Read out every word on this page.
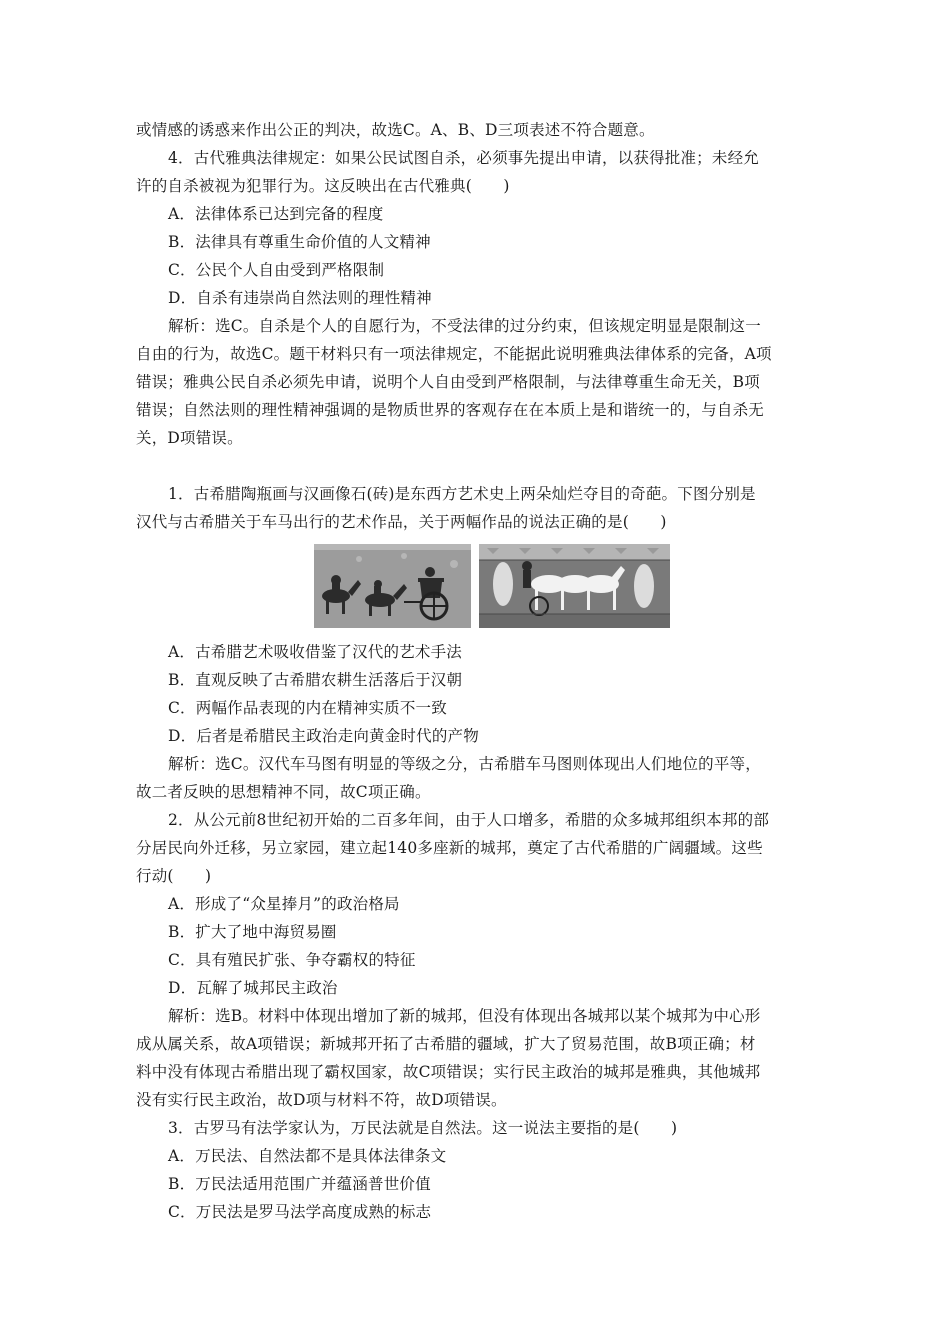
或情感的诱惑来作出公正的判决，故选C。A、B、D三项表述不符合题意。
4．古代雅典法律规定：如果公民试图自杀，必须事先提出申请，以获得批准；未经允
许的自杀被视为犯罪行为。这反映出在古代雅典(　　)
A．法律体系已达到完备的程度
B．法律具有尊重生命价值的人文精神
C．公民个人自由受到严格限制
D．自杀有违崇尚自然法则的理性精神
解析：选C。自杀是个人的自愿行为，不受法律的过分约束，但该规定明显是限制这一
自由的行为，故选C。题干材料只有一项法律规定，不能据此说明雅典法律体系的完备，A项
错误；雅典公民自杀必须先申请，说明个人自由受到严格限制，与法律尊重生命无关，B项
错误；自然法则的理性精神强调的是物质世界的客观存在在本质上是和谐统一的，与自杀无
关，D项错误。
1．古希腊陶瓶画与汉画像石(砖)是东西方艺术史上两朵灿烂夺目的奇葩。下图分别是
汉代与古希腊关于车马出行的艺术作品，关于两幅作品的说法正确的是(　　)
A．古希腊艺术吸收借鉴了汉代的艺术手法
B．直观反映了古希腊农耕生活落后于汉朝
C．两幅作品表现的内在精神实质不一致
D．后者是希腊民主政治走向黄金时代的产物
解析：选C。汉代车马图有明显的等级之分，古希腊车马图则体现出人们地位的平等，
故二者反映的思想精神不同，故C项正确。
2．从公元前8世纪初开始的二百多年间，由于人口增多，希腊的众多城邦组织本邦的部
分居民向外迁移，另立家园，建立起140多座新的城邦，奠定了古代希腊的广阔疆域。这些
行动(　　)
A．形成了“众星捧月”的政治格局
B．扩大了地中海贸易圈
C．具有殖民扩张、争夺霸权的特征
D．瓦解了城邦民主政治
解析：选B。材料中体现出增加了新的城邦，但没有体现出各城邦以某个城邦为中心形
成从属关系，故A项错误；新城邦开拓了古希腊的疆域，扩大了贸易范围，故B项正确；材
料中没有体现古希腊出现了霸权国家，故C项错误；实行民主政治的城邦是雅典，其他城邦
没有实行民主政治，故D项与材料不符，故D项错误。
3．古罗马有法学家认为，万民法就是自然法。这一说法主要指的是(　　)
A．万民法、自然法都不是具体法律条文
B．万民法适用范围广并蕴涵普世价值
C．万民法是罗马法学高度成熟的标志
